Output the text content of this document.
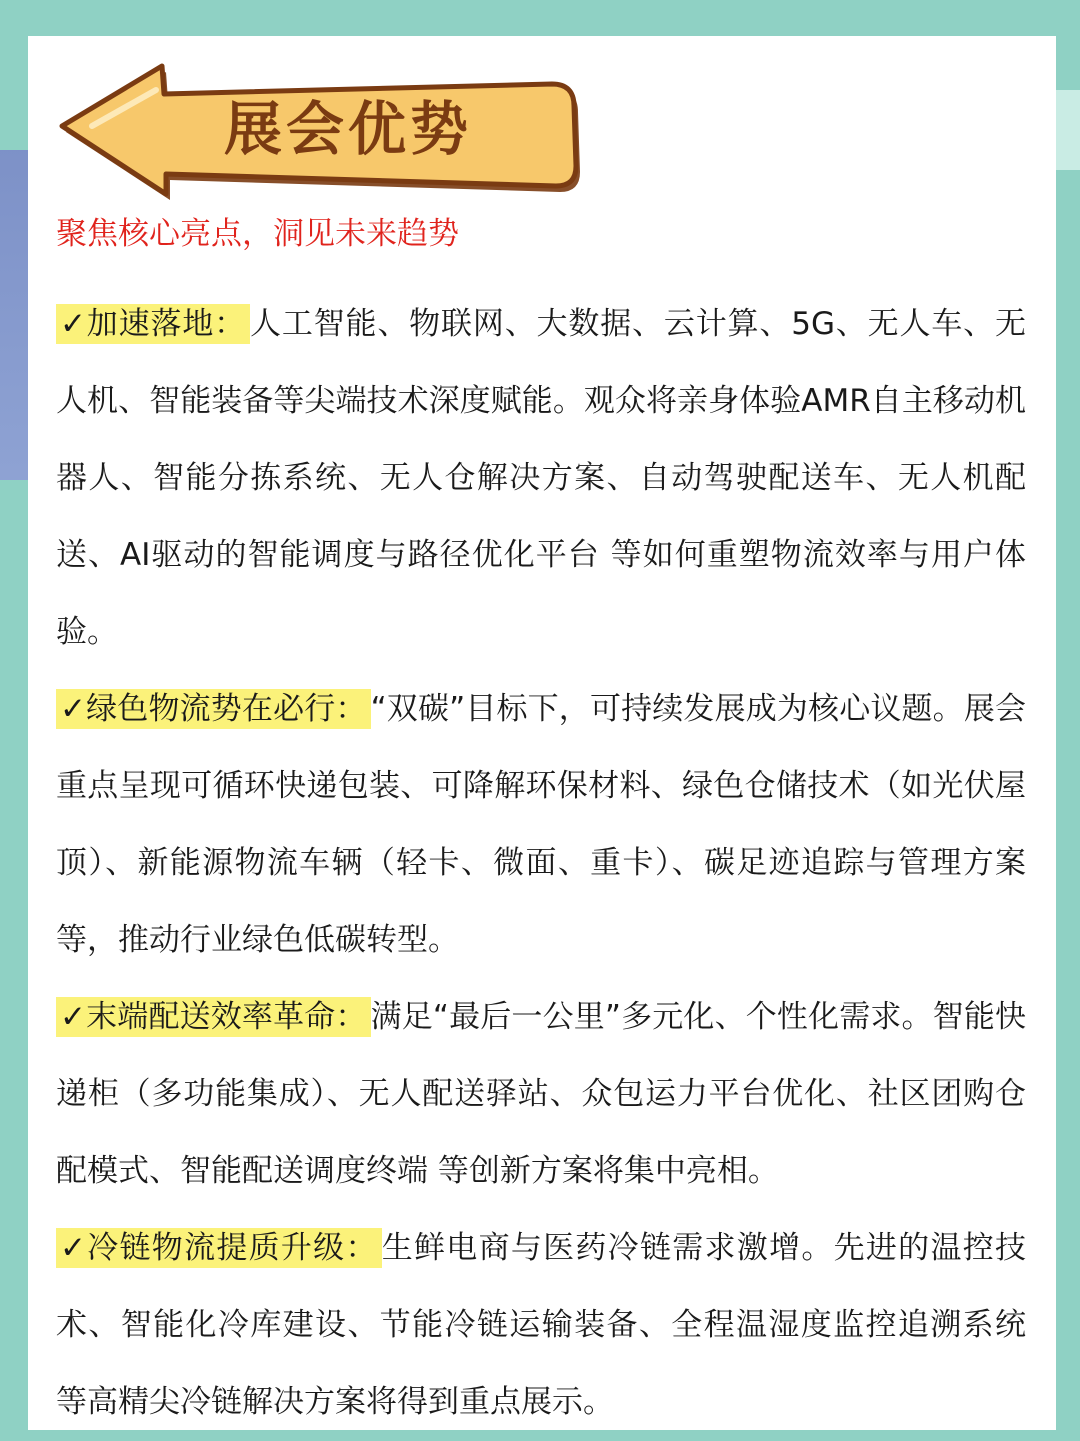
展会优势
聚焦核心亮点，洞见未来趋势

✓加速落地： 人工智能、物联网、大数据、云计算、5G、无人车、无人机、智能装备等尖端技术深度赋能。观众将亲身体验AMR自主移动机器人、智能分拣系统、无人仓解决方案、自动驾驶配送车、无人机配送、AI驱动的智能调度与路径优化平台 等如何重塑物流效率与用户体验。

✓绿色物流势在必行： “双碳”目标下，可持续发展成为核心议题。展会重点呈现可循环快递包装、可降解环保材料、绿色仓储技术（如光伏屋顶）、新能源物流车辆（轻卡、微面、重卡）、碳足迹追踪与管理方案等，推动行业绿色低碳转型。

✓末端配送效率革命： 满足“最后一公里”多元化、个性化需求。智能快递柜（多功能集成）、无人配送驿站、众包运力平台优化、社区团购仓配模式、智能配送调度终端 等创新方案将集中亮相。

✓冷链物流提质升级： 生鲜电商与医药冷链需求激增。先进的温控技术、智能化冷库建设、节能冷链运输装备、全程温湿度监控追溯系统 等高精尖冷链解决方案将得到重点展示。
